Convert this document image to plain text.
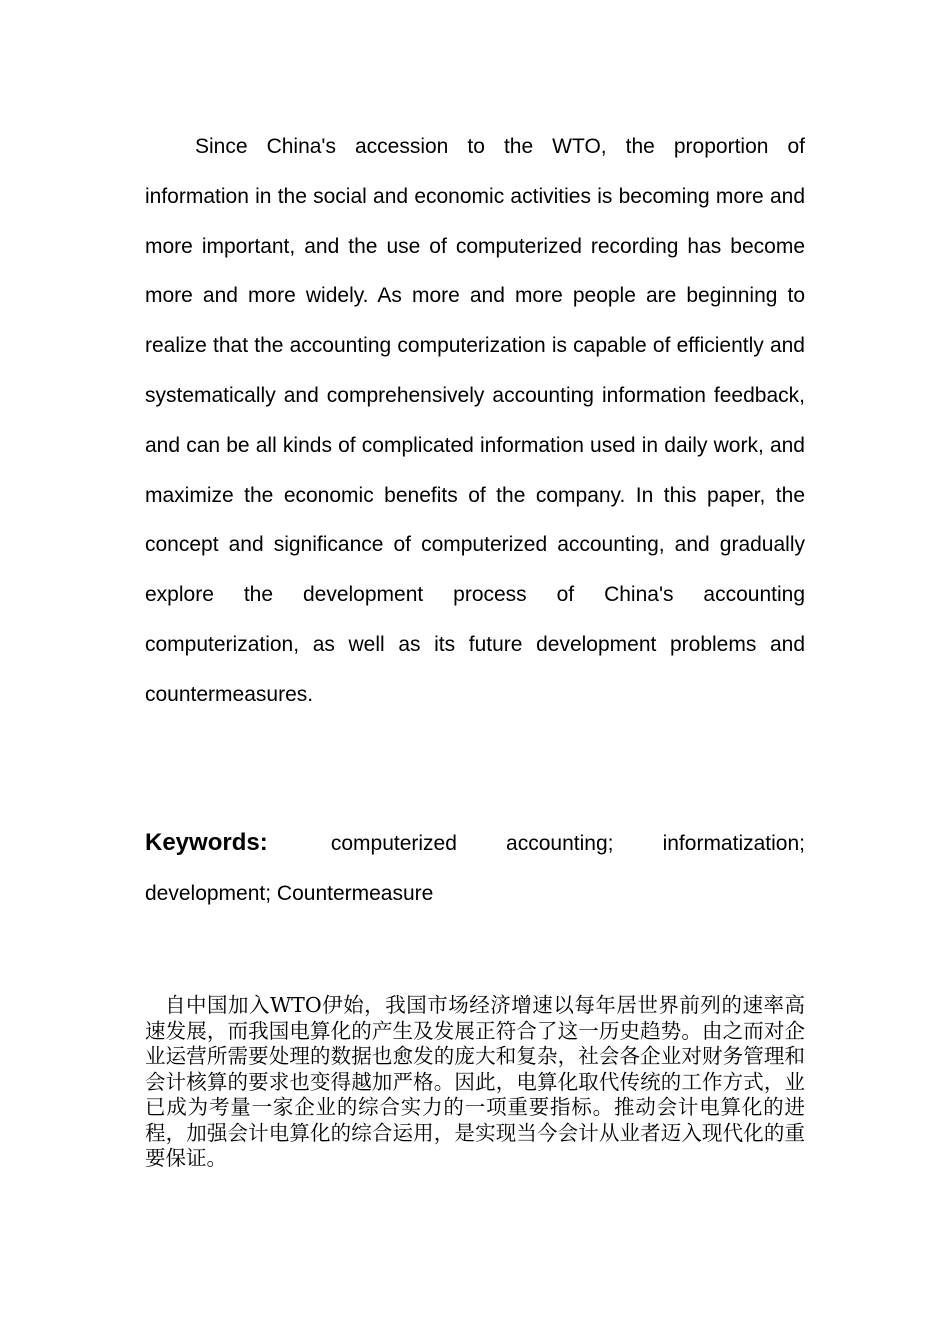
Since China's accession to the WTO, the proportion of information in the social and economic activities is becoming more and more important, and the use of computerized recording has become more and more widely. As more and more people are beginning to realize that the accounting computerization is capable of efficiently and systematically and comprehensively accounting information feedback, and can be all kinds of complicated information used in daily work, and maximize the economic benefits of the company. In this paper, the concept and significance of computerized accounting, and gradually explore the development process of China's accounting computerization, as well as its future development problems and countermeasures.

Keywords:	computerized accounting; informatization; development; Countermeasure

自中国加入WTO伊始，我国市场经济增速以每年居世界前列的速率高速发展，而我国电算化的产生及发展正符合了这一历史趋势。由之而对企业运营所需要处理的数据也愈发的庞大和复杂，社会各企业对财务管理和会计核算的要求也变得越加严格。因此，电算化取代传统的工作方式，业已成为考量一家企业的综合实力的一项重要指标。推动会计电算化的进程，加强会计电算化的综合运用，是实现当今会计从业者迈入现代化的重要保证。
